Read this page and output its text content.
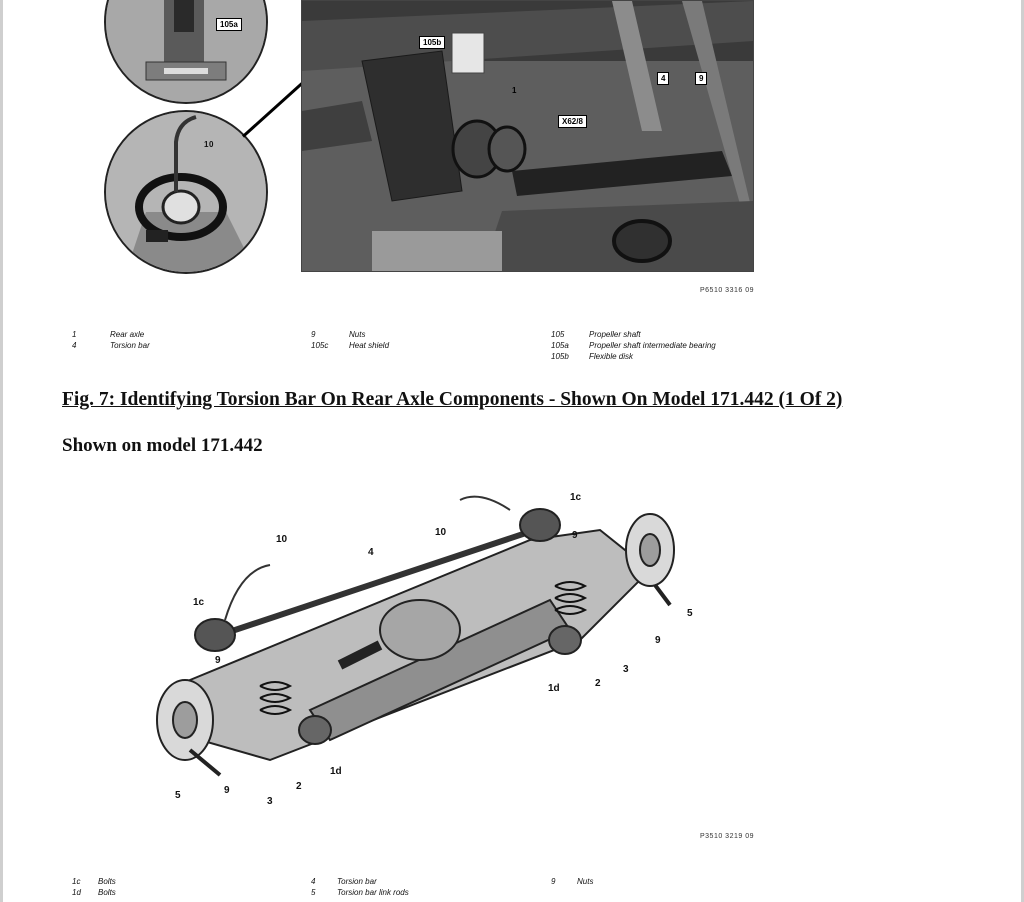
105a
10
105b
1
X62/8
4	9
P6510 3316 09
1	Rear axle
4	Torsion bar
9	Nuts
105c	Heat shield
105	Propeller shaft
105a	Propeller shaft intermediate bearing
105b	Flexible disk
Fig. 7: Identifying Torsion Bar On Rear Axle Components - Shown On Model 171.442 (1 Of 2)
Shown on model 171.442
1c
10	9
10
4
1c
9
5
9
3
2
1d
1d
2
3
9
5
P3510 3219 09
1c	Bolts
1d	Bolts
4	Torsion bar
5	Torsion bar link rods
9	Nuts
